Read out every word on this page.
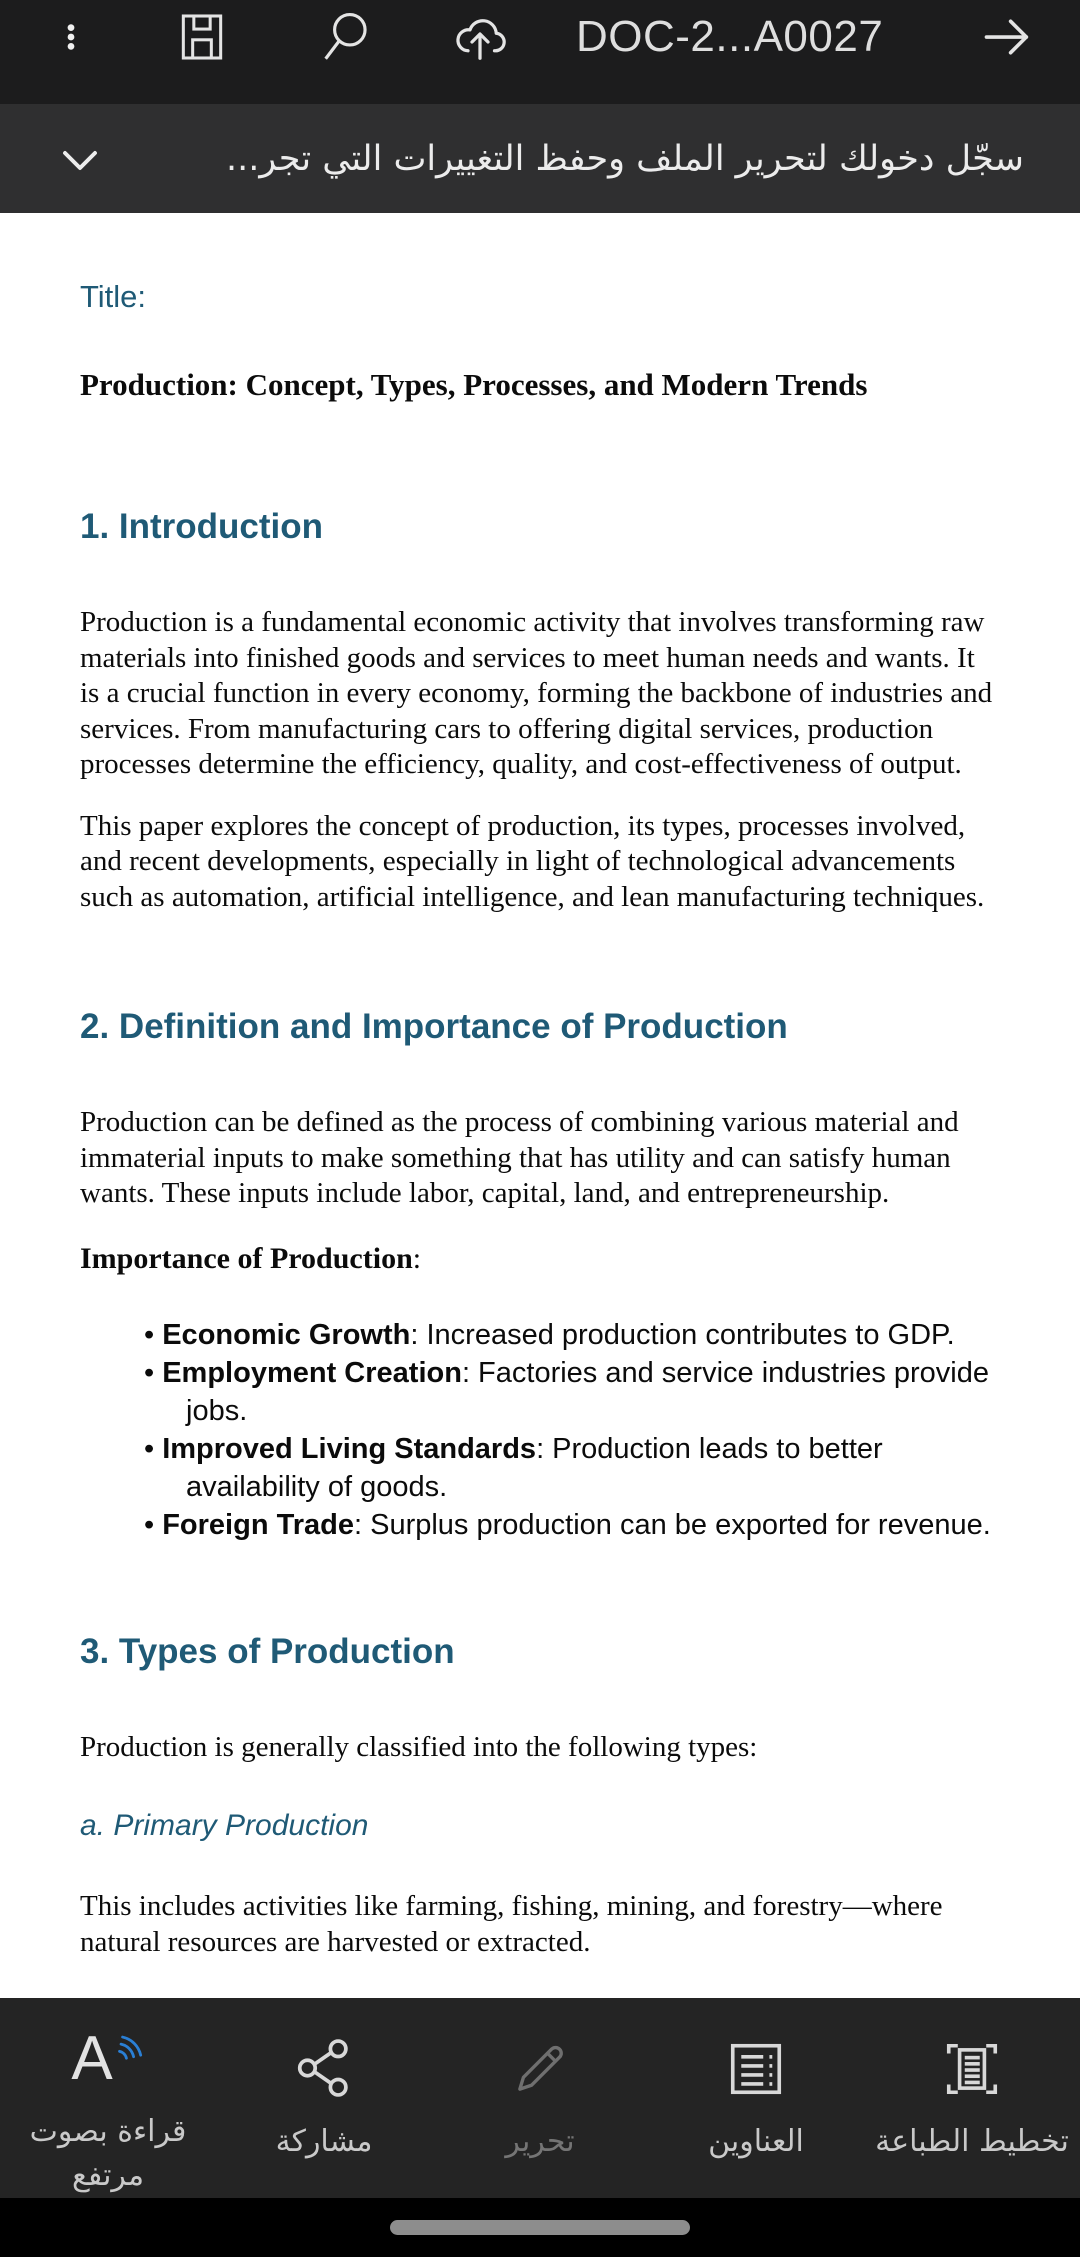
DOC-2...A0027
سجّل دخولك لتحرير الملف وحفظ التغييرات التي تجر...
Title:
Production: Concept, Types, Processes, and Modern Trends
1. Introduction

Production is a fundamental economic activity that involves transforming raw materials into finished goods and services to meet human needs and wants. It is a crucial function in every economy, forming the backbone of industries and services. From manufacturing cars to offering digital services, production processes determine the efficiency, quality, and cost-effectiveness of output.

This paper explores the concept of production, its types, processes involved, and recent developments, especially in light of technological advancements such as automation, artificial intelligence, and lean manufacturing techniques.

2. Definition and Importance of Production

Production can be defined as the process of combining various material and immaterial inputs to make something that has utility and can satisfy human wants. These inputs include labor, capital, land, and entrepreneurship.

Importance of Production:

• Economic Growth: Increased production contributes to GDP.
• Employment Creation: Factories and service industries provide jobs.
• Improved Living Standards: Production leads to better availability of goods.
• Foreign Trade: Surplus production can be exported for revenue.
3. Types of Production

Production is generally classified into the following types:

a. Primary Production

This includes activities like farming, fishing, mining, and forestry—where natural resources are harvested or extracted.

A
قراءة بصوت مرتفع
مشاركة	تحرير	العناوين تخطيط الطباعة
